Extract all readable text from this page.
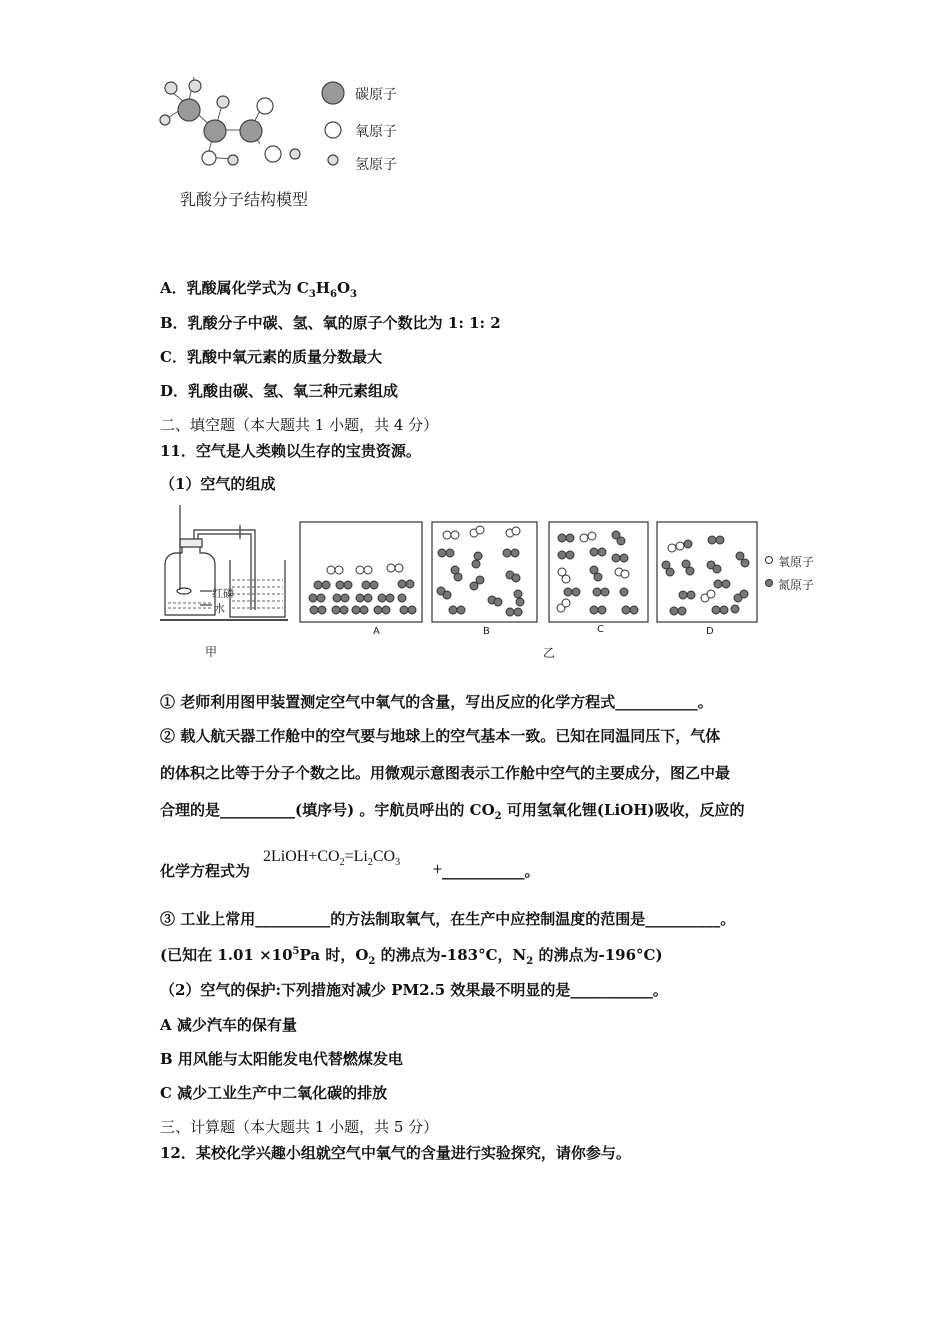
乳酸分子结构模型
碳原子
氧原子
氢原子
A．乳酸属化学式为 $C_3H_6O_3$
B．乳酸分子中碳、氢、氧的原子个数比为 1: 1: 2
C．乳酸中氧元素的质量分数最大
D．乳酸由碳、氢、氧三种元素组成
二、填空题（本大题共 1 小题，共 4 分）
11．空气是人类赖以生存的宝贵资源。
（1）空气的组成
红磷
水
甲
A	B	C	D
乙
氧原子
氮原子
① 老师利用图甲装置测定空气中氧气的含量，写出反应的化学方程式___________。
② 载人航天器工作舱中的空气要与地球上的空气基本一致。已知在同温同压下，气体
的体积之比等于分子个数之比。用微观示意图表示工作舱中空气的主要成分，图乙中最
合理的是__________(填序号) 。宇航员呼出的 $CO_2$ 可用氢氧化锂(LiOH)吸收，反应的
化学方程式为
$2LiOH+CO_2=Li_2CO_3$ + ___________。
③ 工业上常用__________的方法制取氧气，在生产中应控制温度的范围是__________。
(已知在 $1.01 \times 10^5Pa$ 时，$O_2$ 的沸点为-183°C，$N_2$ 的沸点为-196°C)
（2）空气的保护:下列措施对减少 PM2.5 效果最不明显的是___________。
A 减少汽车的保有量
B 用风能与太阳能发电代替燃煤发电
C 减少工业生产中二氧化碳的排放
三、计算题（本大题共 1 小题，共 5 分）
12．某校化学兴趣小组就空气中氧气的含量进行实验探究，请你参与。
